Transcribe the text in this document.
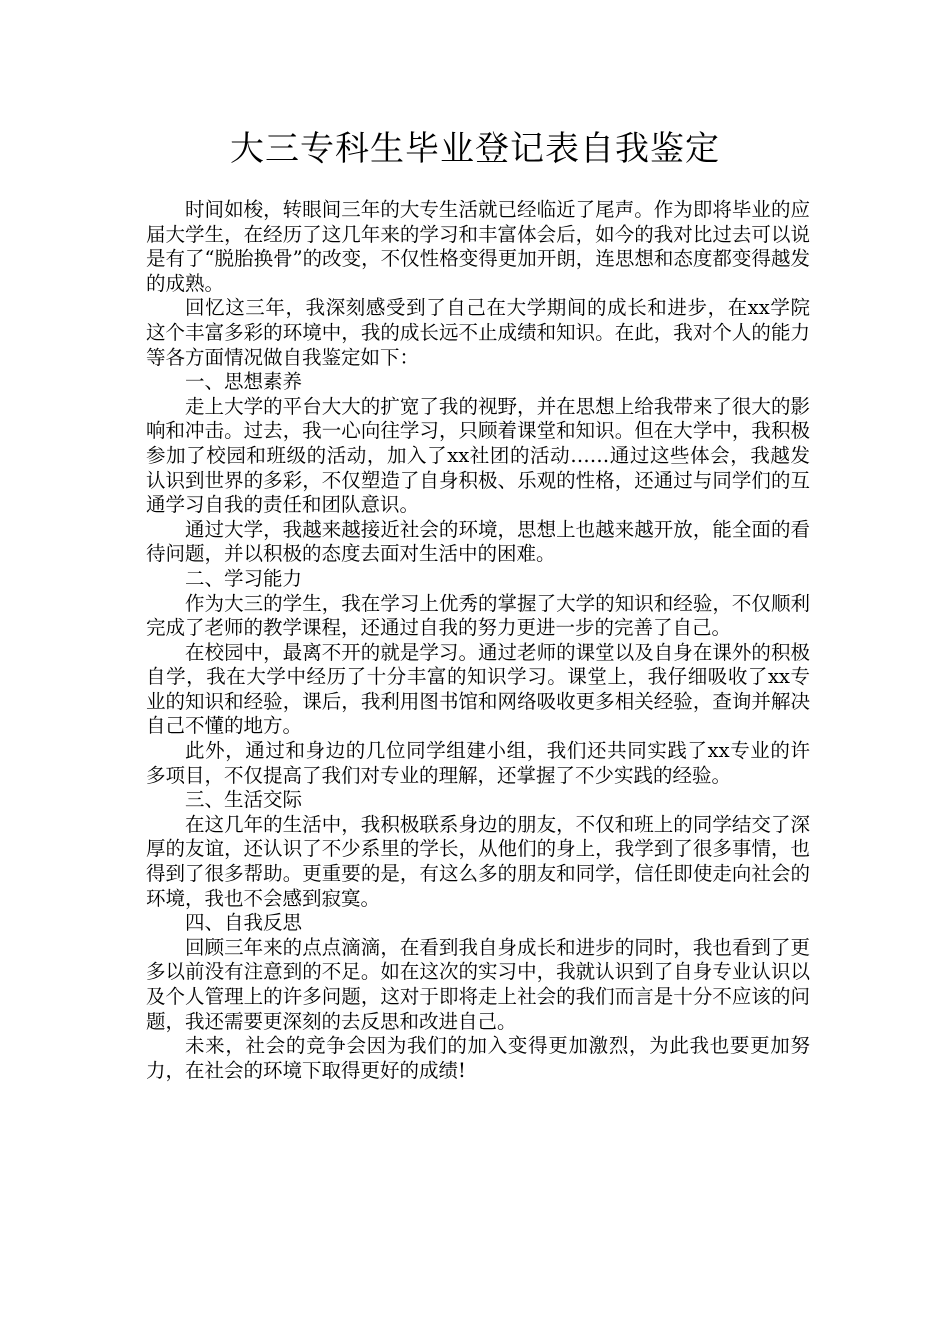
大三专科生毕业登记表自我鉴定

时间如梭，转眼间三年的大专生活就已经临近了尾声。作为即将毕业的应届大学生，在经历了这几年来的学习和丰富体会后，如今的我对比过去可以说是有了“脱胎换骨”的改变，不仅性格变得更加开朗，连思想和态度都变得越发的成熟。

回忆这三年，我深刻感受到了自己在大学期间的成长和进步，在xx学院这个丰富多彩的环境中，我的成长远不止成绩和知识。在此，我对个人的能力等各方面情况做自我鉴定如下：

一、思想素养

走上大学的平台大大的扩宽了我的视野，并在思想上给我带来了很大的影响和冲击。过去，我一心向往学习，只顾着课堂和知识。但在大学中，我积极参加了校园和班级的活动，加入了xx社团的活动……通过这些体会，我越发认识到世界的多彩，不仅塑造了自身积极、乐观的性格，还通过与同学们的互通学习自我的责任和团队意识。

通过大学，我越来越接近社会的环境，思想上也越来越开放，能全面的看待问题，并以积极的态度去面对生活中的困难。

二、学习能力

作为大三的学生，我在学习上优秀的掌握了大学的知识和经验，不仅顺利完成了老师的教学课程，还通过自我的努力更进一步的完善了自己。

在校园中，最离不开的就是学习。通过老师的课堂以及自身在课外的积极自学，我在大学中经历了十分丰富的知识学习。课堂上，我仔细吸收了xx专业的知识和经验，课后，我利用图书馆和网络吸收更多相关经验，查询并解决自己不懂的地方。

此外，通过和身边的几位同学组建小组，我们还共同实践了xx专业的许多项目，不仅提高了我们对专业的理解，还掌握了不少实践的经验。

三、生活交际

在这几年的生活中，我积极联系身边的朋友，不仅和班上的同学结交了深厚的友谊，还认识了不少系里的学长，从他们的身上，我学到了很多事情，也得到了很多帮助。更重要的是，有这么多的朋友和同学，信任即使走向社会的环境，我也不会感到寂寞。

四、自我反思

回顾三年来的点点滴滴，在看到我自身成长和进步的同时，我也看到了更多以前没有注意到的不足。如在这次的实习中，我就认识到了自身专业认识以及个人管理上的许多问题，这对于即将走上社会的我们而言是十分不应该的问题，我还需要更深刻的去反思和改进自己。

未来，社会的竞争会因为我们的加入变得更加激烈，为此我也要更加努力，在社会的环境下取得更好的成绩!
